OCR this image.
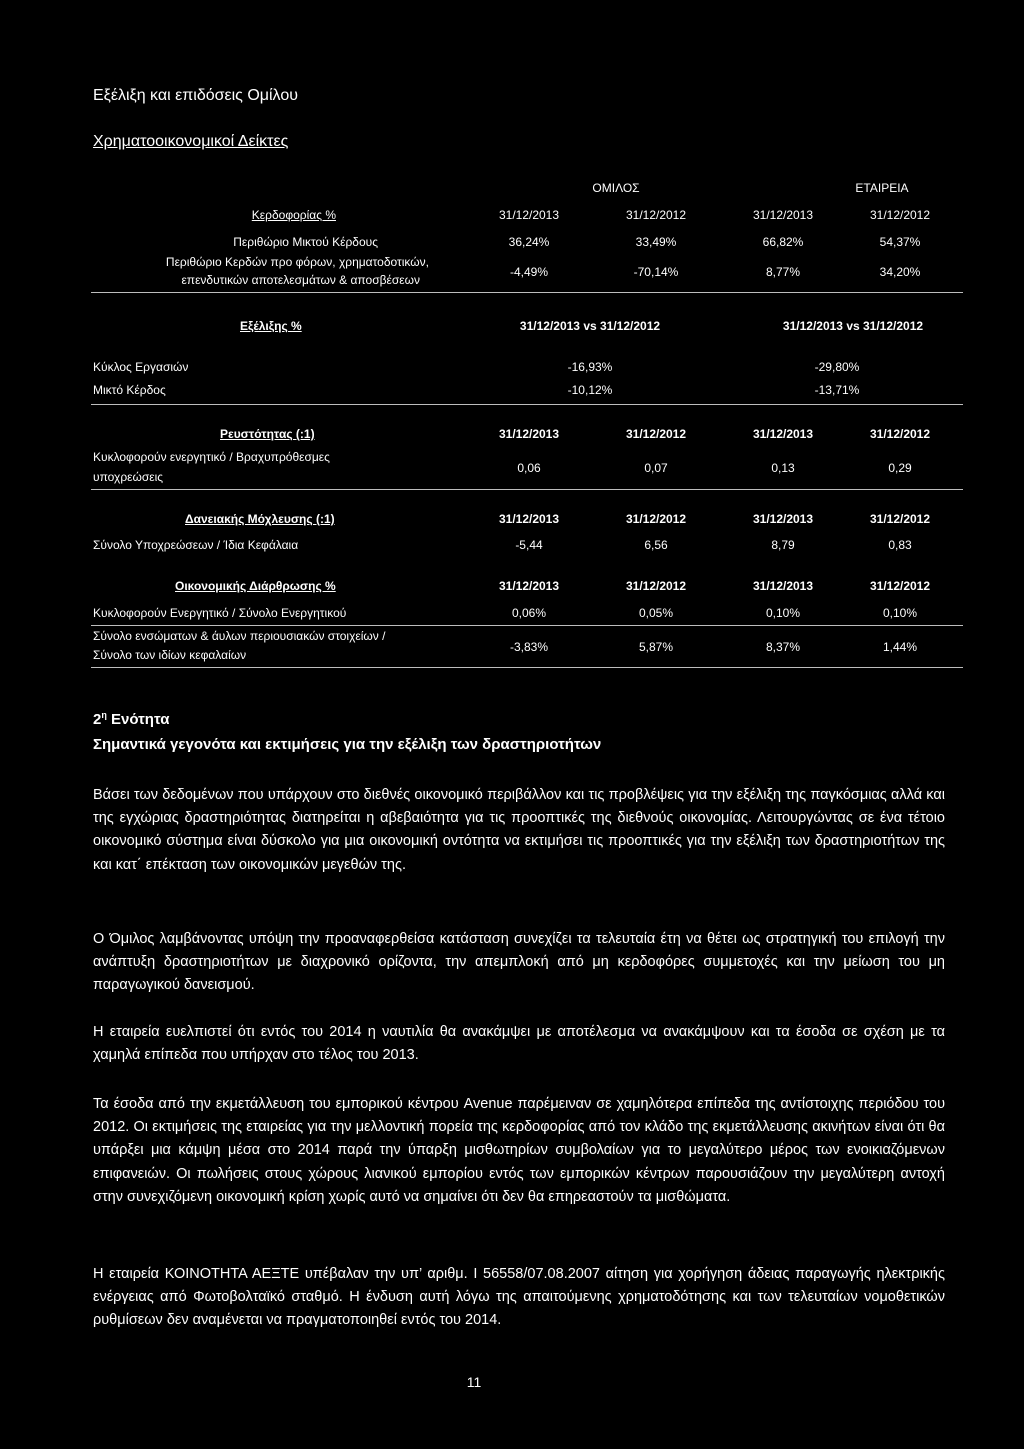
Εξέλιξη και επιδόσεις Ομίλου
Χρηματοοικονομικοί Δείκτες
ΟΜΙΛΟΣ	ΕΤΑΙΡΕΙΑ
Κερδοφορίας %	31/12/2013	31/12/2012	31/12/2013	31/12/2012
Περιθώριο Μικτού Κέρδους	36,24%	33,49%	66,82%	54,37%
Περιθώριο Κερδών προ φόρων, χρηματοδοτικών,
επενδυτικών αποτελεσμάτων & αποσβέσεων
-4,49%	-70,14%	8,77%	34,20%
Εξέλιξης %	31/12/2013 vs 31/12/2012	31/12/2013 vs 31/12/2012
Κύκλος Εργασιών	-16,93%	-29,80%
Μικτό Κέρδος	-10,12%	-13,71%
Ρευστότητας (:1)	31/12/2013	31/12/2012	31/12/2013	31/12/2012
Κυκλοφορούν ενεργητικό / Βραχυπρόθεσμες
υποχρεώσεις
0,06	0,07	0,13	0,29
Δανειακής Μόχλευσης (:1)	31/12/2013	31/12/2012	31/12/2013	31/12/2012
Σύνολο Υποχρεώσεων / Ίδια Κεφάλαια	-5,44	6,56	8,79	0,83
Οικονομικής Διάρθρωσης %	31/12/2013	31/12/2012	31/12/2013	31/12/2012
Κυκλοφορούν Ενεργητικό / Σύνολο Ενεργητικού	0,06%	0,05%	0,10%	0,10%
Σύνολο ενσώματων & άυλων περιουσιακών στοιχείων /
Σύνολο των ιδίων κεφαλαίων
-3,83%	5,87%	8,37%	1,44%
$2^\eta$ Ενότητα
Σημαντικά γεγονότα και εκτιμήσεις για την εξέλιξη των δραστηριοτήτων
Βάσει των δεδομένων που υπάρχουν στο διεθνές οικονομικό περιβάλλον και τις προβλέψεις για την εξέλιξη της παγκόσμιας αλλά και της εγχώριας δραστηριότητας διατηρείται η αβεβαιότητα για τις προοπτικές της διεθνούς οικονομίας. Λειτουργώντας σε ένα τέτοιο οικονομικό σύστημα είναι δύσκολο για μια οικονομική οντότητα να εκτιμήσει τις προοπτικές για την εξέλιξη των δραστηριοτήτων της και κατ΄ επέκταση των οικονομικών μεγεθών της.
Ο Όμιλος λαμβάνοντας υπόψη την προαναφερθείσα κατάσταση συνεχίζει τα τελευταία έτη να θέτει ως στρατηγική του επιλογή την ανάπτυξη δραστηριοτήτων με διαχρονικό ορίζοντα, την απεμπλοκή από μη κερδοφόρες συμμετοχές και την μείωση του μη παραγωγικού δανεισμού.
Η εταιρεία ευελπιστεί ότι εντός του 2014 η ναυτιλία θα ανακάμψει με αποτέλεσμα να ανακάμψουν και τα έσοδα σε σχέση με τα χαμηλά επίπεδα που υπήρχαν στο τέλος του 2013.
Τα έσοδα από την εκμετάλλευση του εμπορικού κέντρου Avenue παρέμειναν σε χαμηλότερα επίπεδα της αντίστοιχης περιόδου του 2012. Οι εκτιμήσεις της εταιρείας για την μελλοντική πορεία της κερδοφορίας από τον κλάδο της εκμετάλλευσης ακινήτων είναι ότι θα υπάρξει μια κάμψη μέσα στο 2014 παρά την ύπαρξη μισθωτηρίων συμβολαίων για το μεγαλύτερο μέρος των ενοικιαζόμενων επιφανειών. Οι πωλήσεις στους χώρους λιανικού εμπορίου εντός των εμπορικών κέντρων παρουσιάζουν την μεγαλύτερη αντοχή στην συνεχιζόμενη οικονομική κρίση χωρίς αυτό να σημαίνει ότι δεν θα επηρεαστούν τα μισθώματα.
Η εταιρεία ΚΟΙΝΟΤΗΤΑ ΑΕΞΤΕ υπέβαλαν την υπ’ αριθμ. Ι 56558/07.08.2007 αίτηση για χορήγηση άδειας παραγωγής ηλεκτρικής ενέργειας από Φωτοβολταϊκό σταθμό. Η ένδυση αυτή λόγω της απαιτούμενης χρηματοδότησης και των τελευταίων νομοθετικών ρυθμίσεων δεν αναμένεται να πραγματοποιηθεί εντός του 2014.
11
